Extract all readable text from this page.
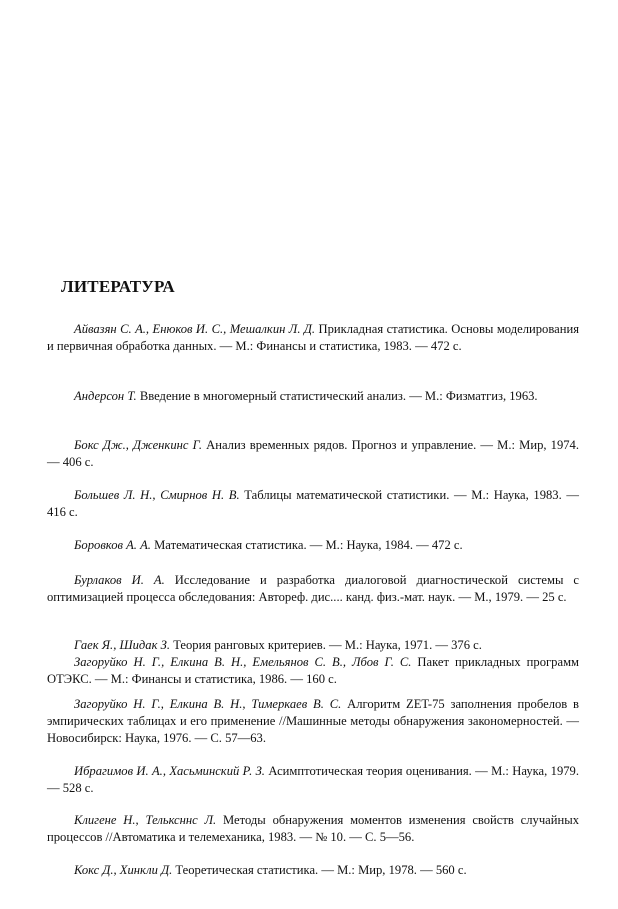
ЛИТЕРАТУРА

Айвазян С. А., Енюков И. С., Мешалкин Л. Д. Прикладная статистика. Основы моделирования и первичная обработка данных. — М.: Финансы и статистика, 1983. — 472 с.

Андерсон Т. Введение в многомерный статистический анализ. — М.: Физматгиз, 1963.

Бокс Дж., Дженкинс Г. Анализ временных рядов. Прогноз и управление. — М.: Мир, 1974. — 406 с.

Большев Л. Н., Смирнов Н. В. Таблицы математической статистики. — М.: Наука, 1983. — 416 с.

Боровков А. А. Математическая статистика. — М.: Наука, 1984. — 472 с.

Бурлаков И. А. Исследование и разработка диалоговой диагностической системы с оптимизацией процесса обследования: Автореф. дис.... канд. физ.-мат. наук. — М., 1979. — 25 с.

Гаек Я., Шидак З. Теория ранговых критериев. — М.: Наука, 1971. — 376 с.

Загоруйко Н. Г., Елкина В. Н., Емельянов С. В., Лбов Г. С. Пакет прикладных программ ОТЭКС. — М.: Финансы и статистика, 1986. — 160 с.

Загоруйко Н. Г., Елкина В. Н., Тимеркаев В. С. Алгоритм ZET-75 заполнения пробелов в эмпирических таблицах и его применение //Машинные методы обнаружения закономерностей. — Новосибирск: Наука, 1976. — С. 57—63.

Ибрагимов И. А., Хасьминский Р. З. Асимптотическая теория оценивания. — М.: Наука, 1979. — 528 с.

Клигене Н., Тельксннс Л. Методы обнаружения моментов изменения свойств случайных процессов //Автоматика и телемеханика, 1983. — № 10. — С. 5—56.

Кокс Д., Хинкли Д. Теоретическая статистика. — М.: Мир, 1978. — 560 с.
